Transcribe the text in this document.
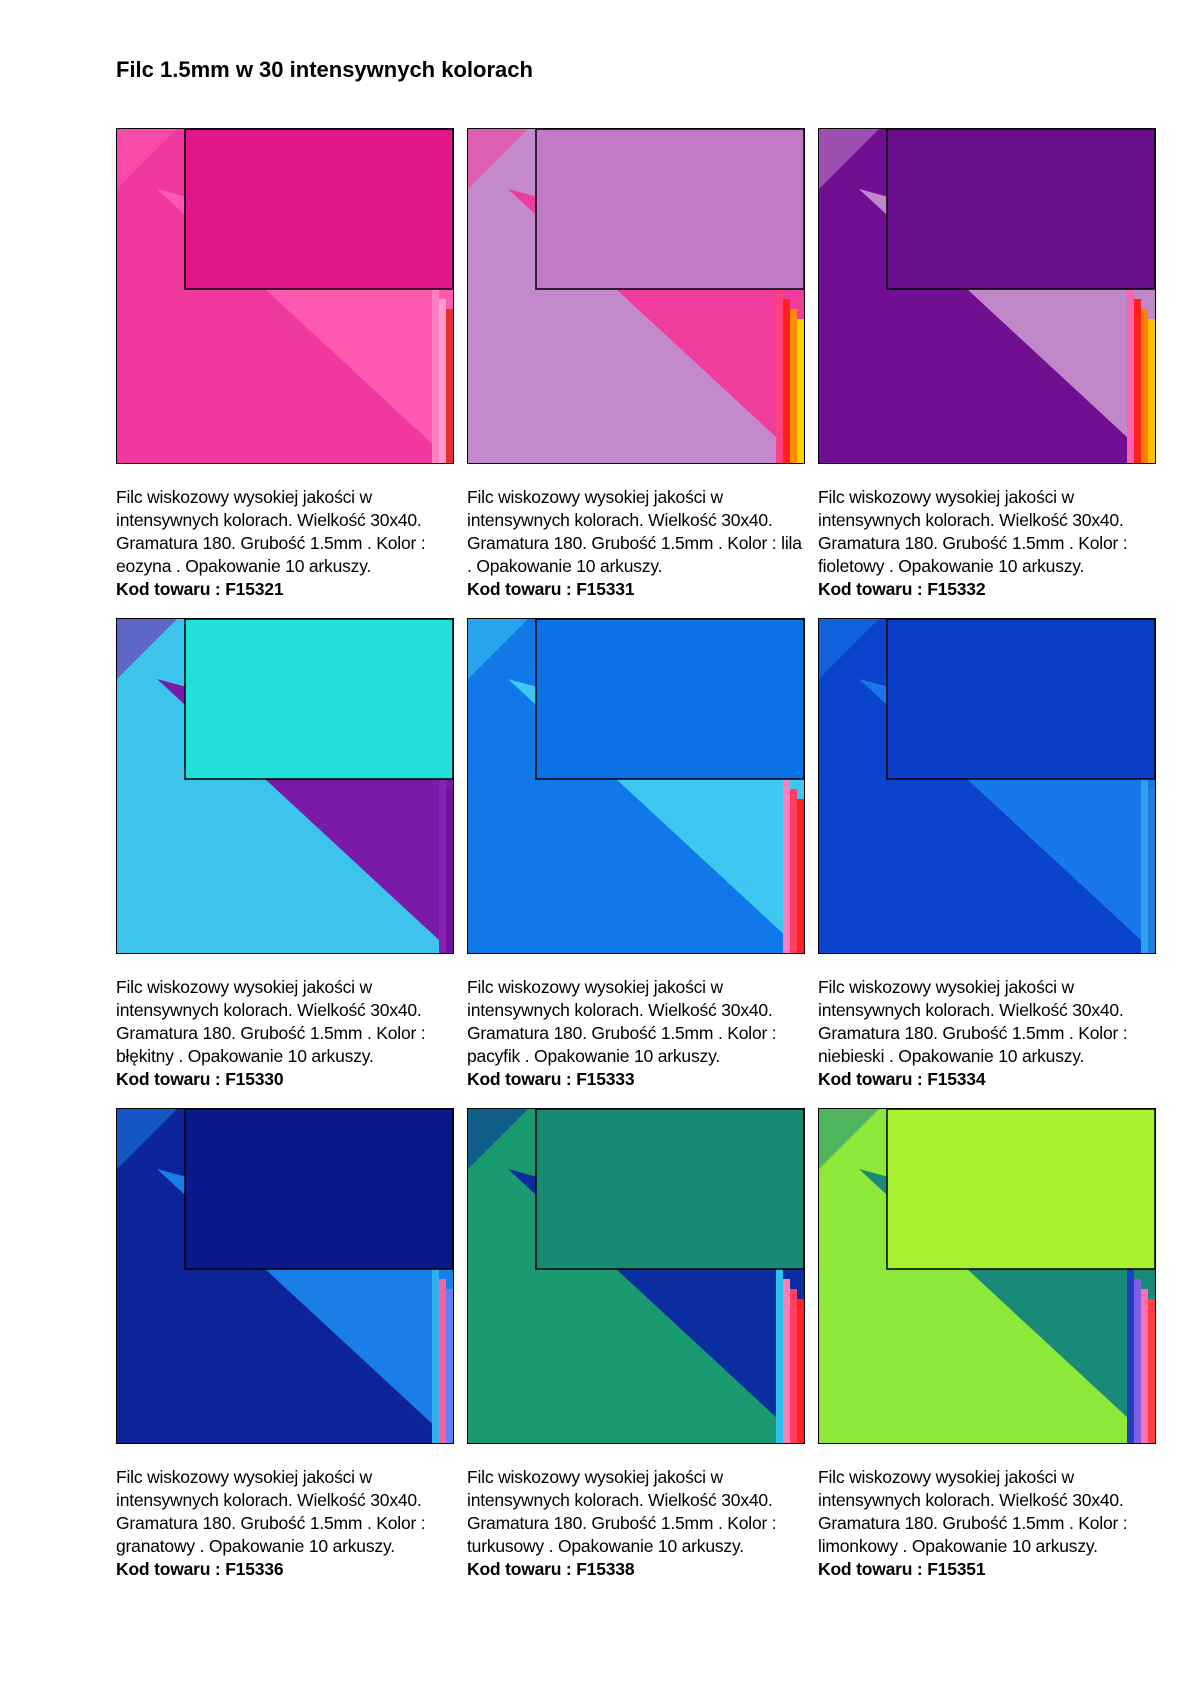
Filc 1.5mm w 30 intensywnych kolorach

Filc wiskozowy wysokiej jakości w intensywnych kolorach. Wielkość 30x40. Gramatura 180. Grubość 1.5mm . Kolor : eozyna . Opakowanie 10 arkuszy.

Kod towaru : F15321

Filc wiskozowy wysokiej jakości w intensywnych kolorach. Wielkość 30x40. Gramatura 180. Grubość 1.5mm . Kolor : lila . Opakowanie 10 arkuszy.

Kod towaru : F15331

Filc wiskozowy wysokiej jakości w intensywnych kolorach. Wielkość 30x40. Gramatura 180. Grubość 1.5mm . Kolor : fioletowy . Opakowanie 10 arkuszy.

Kod towaru : F15332

Filc wiskozowy wysokiej jakości w intensywnych kolorach. Wielkość 30x40. Gramatura 180. Grubość 1.5mm . Kolor : błękitny . Opakowanie 10 arkuszy.

Kod towaru : F15330

Filc wiskozowy wysokiej jakości w intensywnych kolorach. Wielkość 30x40. Gramatura 180. Grubość 1.5mm . Kolor : pacyfik . Opakowanie 10 arkuszy.

Kod towaru : F15333

Filc wiskozowy wysokiej jakości w intensywnych kolorach. Wielkość 30x40. Gramatura 180. Grubość 1.5mm . Kolor : niebieski . Opakowanie 10 arkuszy.

Kod towaru : F15334

Filc wiskozowy wysokiej jakości w intensywnych kolorach. Wielkość 30x40. Gramatura 180. Grubość 1.5mm . Kolor : granatowy . Opakowanie 10 arkuszy.

Kod towaru : F15336

Filc wiskozowy wysokiej jakości w intensywnych kolorach. Wielkość 30x40. Gramatura 180. Grubość 1.5mm . Kolor : turkusowy . Opakowanie 10 arkuszy.

Kod towaru : F15338

Filc wiskozowy wysokiej jakości w intensywnych kolorach. Wielkość 30x40. Gramatura 180. Grubość 1.5mm . Kolor : limonkowy . Opakowanie 10 arkuszy.

Kod towaru : F15351
